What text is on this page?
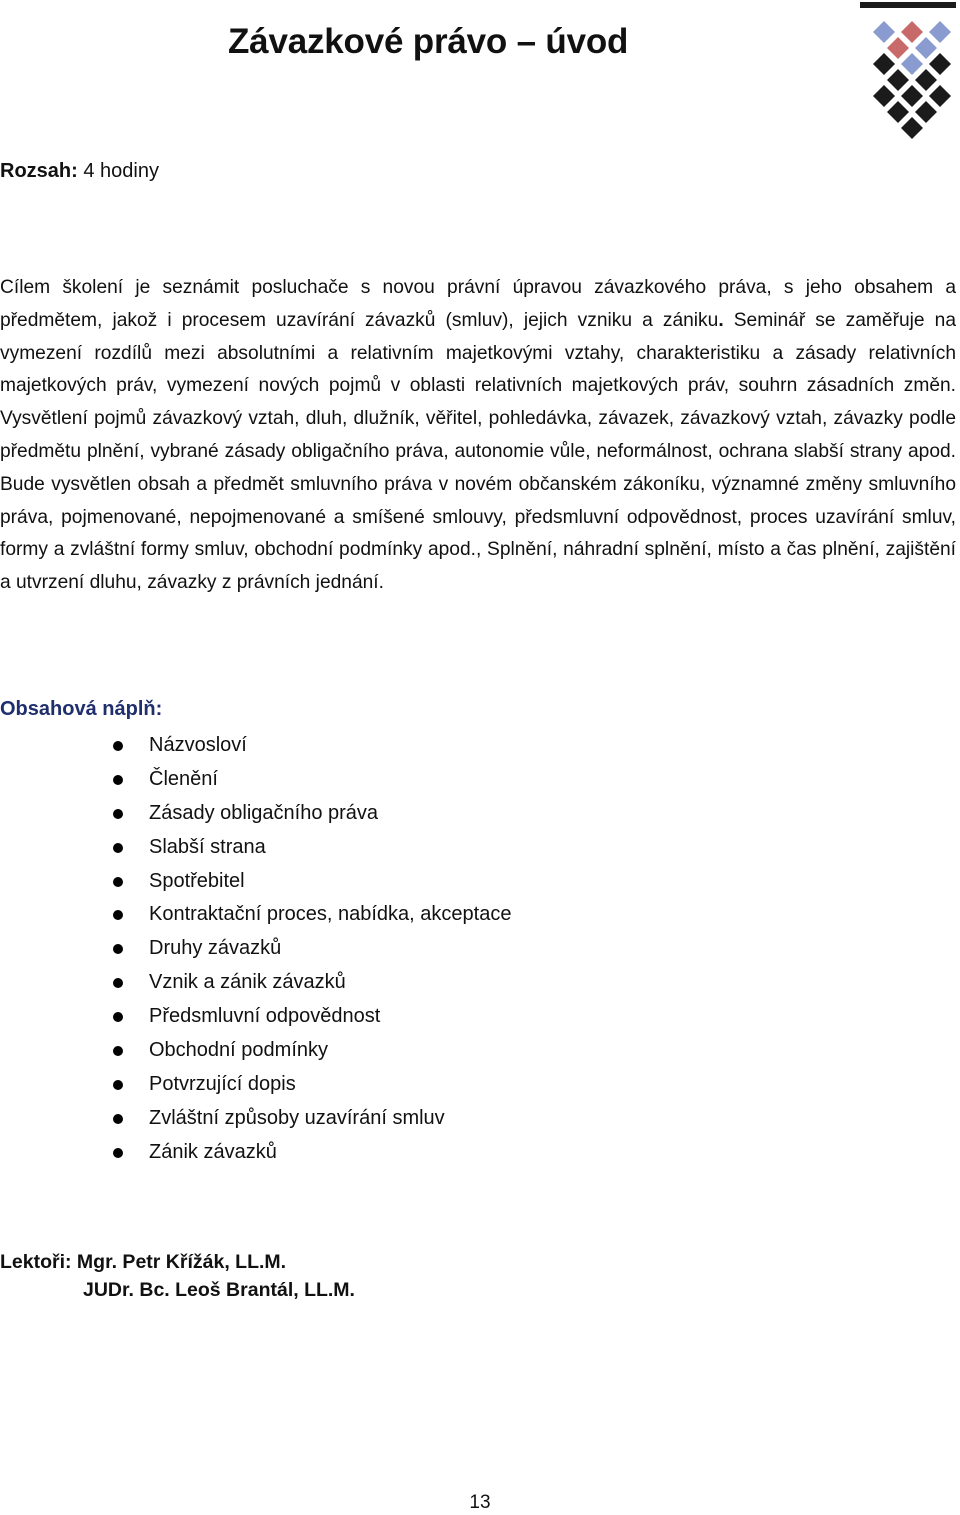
Závazkové právo – úvod
Rozsah: 4 hodiny

Cílem školení je seznámit posluchače s novou právní úpravou závazkového práva, s jeho obsahem a předmětem, jakož i procesem uzavírání závazků (smluv), jejich vzniku a zániku. Seminář se zaměřuje na vymezení rozdílů mezi absolutními a relativním majetkovými vztahy, charakteristiku a zásady relativních majetkových práv, vymezení nových pojmů v oblasti relativních majetkových práv, souhrn zásadních změn. Vysvětlení pojmů závazkový vztah, dluh, dlužník, věřitel, pohledávka, závazek, závazkový vztah, závazky podle předmětu plnění, vybrané zásady obligačního práva, autonomie vůle, neformálnost, ochrana slabší strany apod. Bude vysvětlen obsah a předmět smluvního práva v novém občanském zákoníku, významné změny smluvního práva, pojmenované, nepojmenované a smíšené smlouvy, předsmluvní odpovědnost, proces uzavírání smluv, formy a zvláštní formy smluv, obchodní podmínky apod., Splnění, náhradní splnění, místo a čas plnění, zajištění a utvrzení dluhu, závazky z právních jednání.

Obsahová náplň:
Názvosloví
Členění
Zásady obligačního práva
Slabší strana
Spotřebitel
Kontraktační proces, nabídka, akceptace
Druhy závazků
Vznik a zánik závazků
Předsmluvní odpovědnost
Obchodní podmínky
Potvrzující dopis
Zvláštní způsoby uzavírání smluv
Zánik závazků
Lektoři: Mgr. Petr Křížák, LL.M.
JUDr. Bc. Leoš Brantál, LL.M.
13
